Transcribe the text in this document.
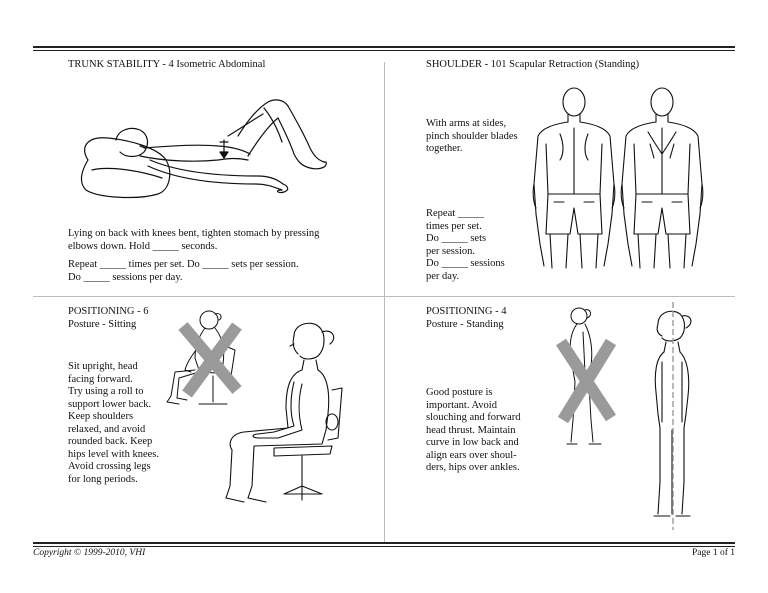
TRUNK STABILITY - 4 Isometric Abdominal
Lying on back with knees bent, tighten stomach by pressing
elbows down. Hold _____ seconds.
Repeat _____ times per set. Do _____ sets per session.
Do _____ sessions per day.
SHOULDER - 101 Scapular Retraction (Standing)
With arms at sides,
pinch shoulder blades
together.
Repeat _____
times per set.
Do _____ sets
per session.
Do _____ sessions
per day.
POSITIONING - 6
Posture - Sitting
Sit upright, head
facing forward.
Try using a roll to
support lower back.
Keep shoulders
relaxed, and avoid
rounded back. Keep
hips level with knees.
Avoid crossing legs
for long periods.
POSITIONING - 4
Posture - Standing
Good posture is
important. Avoid
slouching and forward
head thrust. Maintain
curve in low back and
align ears over shoul-
ders, hips over ankles.
Copyright © 1999-2010, VHI	Page 1 of 1
